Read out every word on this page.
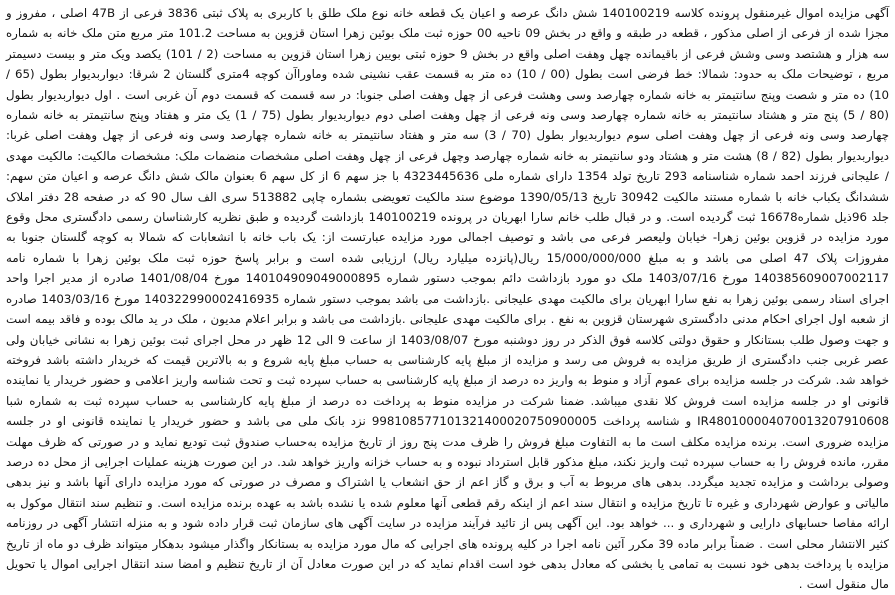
آگهی مزایده اموال غیرمنقول پرونده کلاسه 140100219 شش دانگ عرصه و اعیان یک قطعه خانه نوع ملک طلق با کاربری به پلاک ثبتی 3836 فرعی از 47B اصلی ، مفروز و مجزا شده از فرعی از اصلی مذکور ، قطعه در طبقه و واقع در بخش 09 ناحیه 00 حوزه ثبت ملک بوئین زهرا استان قزوین به مساحت 101.2 متر مربع متن ملک خانه به شماره سه هزار و هشتصد وسی وشش فرعی از باقیمانده چهل وهفت اصلی واقع در بخش 9 حوزه ثبتی بویین زهرا استان قزوین به مساحت (2 / 101) یکصد ویک متر و بیست دسیمتر مربع ، توضیحات ملک به حدود: شمالا: خط فرضی است بطول (00 / 10) ده متر به قسمت عقب نشینی شده وماوراآن کوچه 4متری گلستان 2 شرقا: دیواربدیوار بطول (65 / 10) ده متر و شصت وپنج سانتیمتر به خانه شماره چهارصد وسی وهشت فرعی از چهل وهفت اصلی جنوبا: در سه قسمت که قسمت دوم آن غربی است . اول دیواربدیوار بطول (80 / 5) پنج متر و هشتاد سانتیمتر به خانه شماره چهارصد وسی ونه فرعی از چهل وهفت اصلی دوم دیواربدیوار بطول (75 / 1) یک متر و هفتاد وپنج سانتیمتر به خانه شماره چهارصد وسی ونه فرعی از چهل وهفت اصلی سوم دیواربدیوار بطول (70 / 3) سه متر و هفتاد سانتیمتر به خانه شماره چهارصد وسی ونه فرعی از چهل وهفت اصلی غربا: دیواربدیوار بطول (82 / 8) هشت متر و هشتاد ودو سانتیمتر به خانه شماره چهارصد وچهل فرعی از چهل وهفت اصلی مشخصات منضمات ملک: مشخصات مالکیت: مالکیت مهدی / علیجانی فرزند احمد شماره شناسنامه 293 تاریخ تولد 1354 دارای شماره ملی 4323445636 با جز سهم 6 از کل سهم 6 بعنوان مالک شش دانگ عرصه و اعیان متن سهم: ششدانگ یکباب خانه با شماره مستند مالکیت 30942 تاریخ 1390/05/13 موضوع سند مالکیت تعویضی بشماره چاپی 513882 سری الف سال 90 که در صفحه 28 دفتر املاک جلد 96ذیل شماره16678 ثبت گردیده است. و در قبال طلب خانم سارا ابهریان در پرونده 140100219 بازداشت گردیده و طبق نظریه کارشناسان رسمی دادگستری محل وقوع مورد مزایده در قزوین بوئین زهرا- خیابان ولیعصر فرعی می باشد و توصیف اجمالی مورد مزایده عبارتست از: یک باب خانه با انشعابات که شمالا به کوچه گلستان جنوبا به مفروزات پلاک 47 اصلی می باشد و به مبلغ 15/000/000/000 ریال(پانزده میلیارد ریال) ارزیابی شده است و برابر پاسخ حوزه ثبت ملک بوئین زهرا با شماره نامه 140385609007002117 مورخ 1403/07/16 ملک دو مورد بازداشت دائم بموجب دستور شماره 140104909049000895 مورخ 1401/08/04 صادره از مدیر اجرا واحد اجرای اسناد رسمی بوئین زهرا به نفع سارا ابهریان برای مالکیت مهدی علیجانی .بازداشت می باشد بموجب دستور شماره 140322990002416935 مورخ 1403/03/16 صادره از شعبه اول اجرای احکام مدنی دادگستری شهرستان قزوین به نفع . برای مالکیت مهدی علیجانی .بازداشت می باشد و برابر اعلام مدیون ، ملک در ید مالک بوده و فاقد بیمه است و جهت وصول طلب بستانکار و حقوق دولتی کلاسه فوق الذکر در روز دوشنبه مورخ 1403/08/07 از ساعت 9 الی 12 ظهر در محل اجرای ثبت بوئین زهرا به نشانی خیابان ولی عصر غربی جنب دادگستری از طریق مزایده به فروش می رسد و مزایده از مبلغ پایه کارشناسی به حساب مبلغ پایه شروع و به بالاترین قیمت که خریدار داشته باشد فروخته خواهد شد. شرکت در جلسه مزایده برای عموم آزاد و منوط به واریز ده درصد از مبلغ پایه کارشناسی به حساب سپرده ثبت و تحت شناسه واریز اعلامی و حضور خریدار یا نماینده قانونی او در جلسه مزایده است فروش کلا نقدی میباشد. ضمنا شرکت در مزایده منوط به پرداخت ده درصد از مبلغ پایه کارشناسی به حساب سپرده ثبت به شماره شبا IR480100004070013207910608 و شناسه پرداخت 998108577101321400020750900005 نزد بانک ملی می باشد و حضور خریدار یا نماینده قانونی او در جلسه مزایده ضروری است. برنده مزایده مکلف است ما به التفاوت مبلغ فروش را ظرف مدت پنج روز از تاریخ مزایده به‌حساب صندوق ثبت تودیع نماید و در صورتی که ظرف مهلت مقرر، مانده فروش را به حساب سپرده ثبت واریز نکند، مبلغ مذکور قابل استرداد نبوده و به حساب خزانه واریز خواهد شد. در این صورت هزینه عملیات اجرایی از محل ده درصد وصولی برداشت و مزایده تجدید میگردد. بدهی های مربوط به آب و برق و گاز اعم از حق انشعاب یا اشتراک و مصرف در صورتی که مورد مزایده دارای آنها باشد و نیز بدهی مالیاتی و عوارض شهرداری و غیره تا تاریخ مزایده و انتقال سند اعم از اینکه رقم قطعی آنها معلوم شده یا نشده باشد به عهده برنده مزایده است. و تنظیم سند انتقال موکول به ارائه مفاصا حسابهای دارایی و شهرداری و ... خواهد بود. این آگهی پس از تائید فرآیند مزایده در سایت آگهی های سازمان ثبت قرار داده شود و به منزله انتشار آگهی در روزنامه کثیر الانتشار محلی است . ضمناً برابر ماده 39 مکرر آئین نامه اجرا در کلیه پرونده های اجرایی که مال مورد مزایده به بستانکار واگذار میشود بدهکار میتواند ظرف دو ماه از تاریخ مزایده با پرداخت بدهی خود نسبت به تمامی یا بخشی که معادل بدهی خود است اقدام نماید که در این صورت معادل آن از تاریخ تنظیم و امضا سند انتقال اجرایی اموال یا تحویل مال منقول است .
